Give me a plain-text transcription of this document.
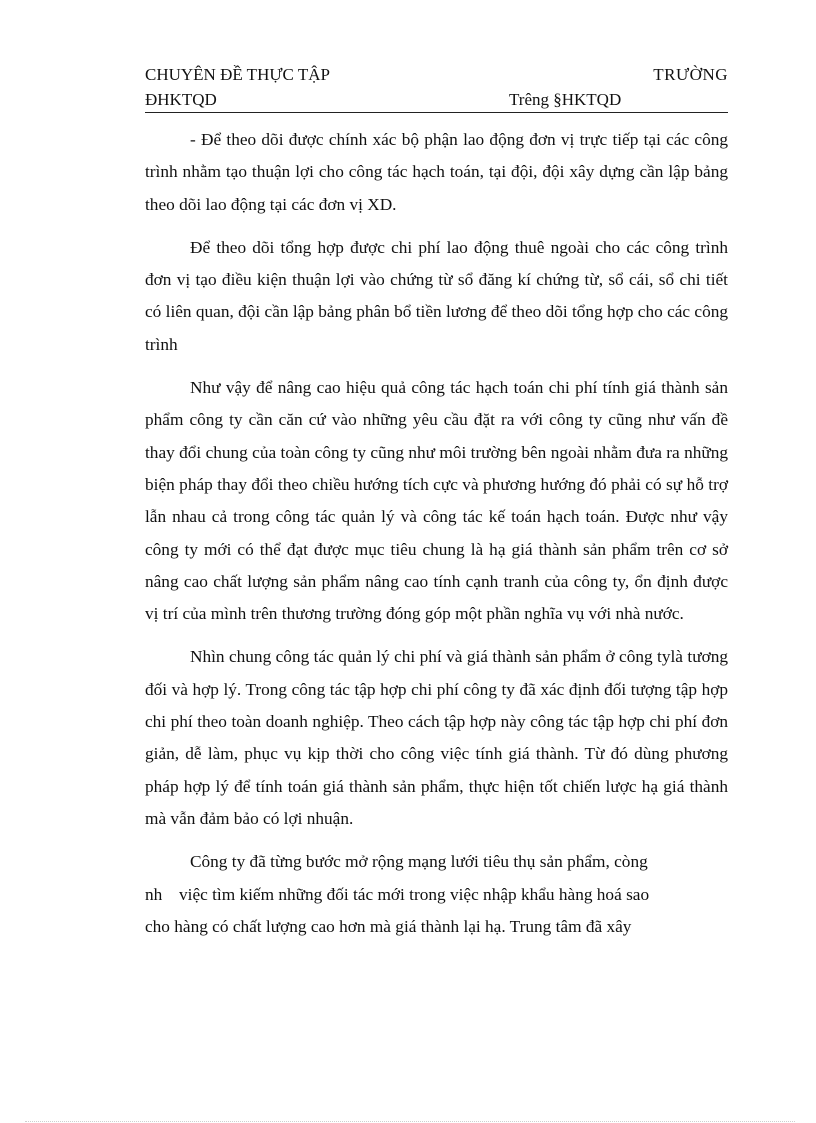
CHUYÊN ĐỀ THỰC TẬP	TRƯỜNG
ĐHKTQD	Trêng §HKTQD

- Để theo dõi được chính xác bộ phận lao động đơn vị trực tiếp tại các công trình nhằm tạo thuận lợi cho công tác hạch toán, tại đội, đội xây dựng cần lập bảng theo dõi lao động tại các đơn vị XD.

Để theo dõi tổng hợp được chi phí lao động thuê ngoài cho các công trình đơn vị tạo điều kiện thuận lợi vào chứng từ sổ đăng kí chứng từ, sổ cái, sổ chi tiết có liên quan, đội cần lập bảng phân bổ tiền lương để theo dõi tổng hợp cho các công trình

Như vậy để nâng cao hiệu quả công tác hạch toán chi phí tính giá thành sản phẩm công ty cần căn cứ vào những yêu cầu đặt ra với công ty cũng như vấn đề thay đổi chung của toàn công ty cũng như môi trường bên ngoài nhằm đưa ra những biện pháp thay đổi theo chiều hướng tích cực và phương hướng đó phải có sự hỗ trợ lẫn nhau cả trong công tác quản lý và công tác kế toán hạch toán. Được như vậy công ty mới có thể đạt được mục tiêu chung là hạ giá thành sản phẩm trên cơ sở nâng cao chất lượng sản phẩm nâng cao tính cạnh tranh của công ty, ổn định được vị trí của mình trên thương trường đóng góp một phần nghĩa vụ với nhà nước.

Nhìn chung công tác quản lý chi phí và giá thành sản phẩm ở công tylà tương đối và hợp lý. Trong công tác tập hợp chi phí công ty đã xác định đối tượng tập hợp chi phí theo toàn doanh nghiệp. Theo cách tập hợp này công tác tập hợp chi phí đơn giản, dễ làm, phục vụ kịp thời cho công việc tính giá thành. Từ đó dùng phương pháp hợp lý để tính toán giá thành sản phẩm, thực hiện tốt chiến lược hạ giá thành mà vẫn đảm bảo có lợi nhuận.

Công ty đã từng bước mở rộng mạng lưới tiêu thụ sản phẩm, còng
nh việc tìm kiếm những đối tác mới trong việc nhập khẩu hàng hoá sao
cho hàng có chất lượng cao hơn mà giá thành lại hạ. Trung tâm đã xây
